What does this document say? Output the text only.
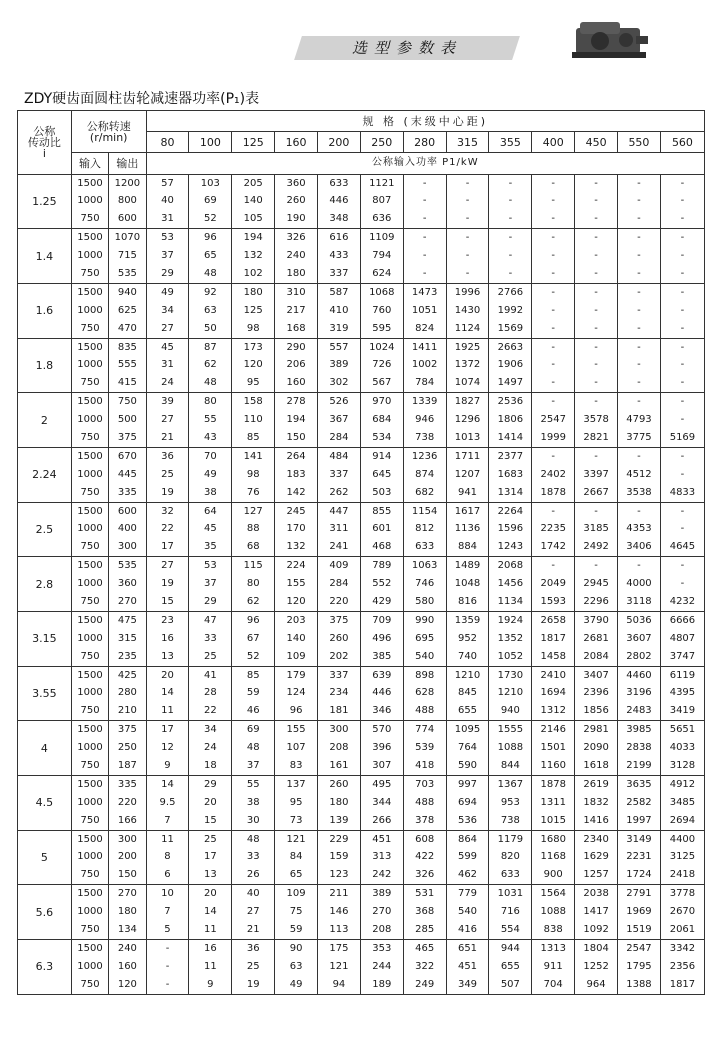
选型参数表
ZDY硬齿面圆柱齿轮减速器功率(P₁)表
公称
传动比
i	公称转速
(r/min)		规 格 (末级中心距)												
			80	100	125	160	200	250	280	315	355	400	450	550	560
	输入	输出	公称输入功率 P1/kW												
1.25	1500	1200	57	103	205	360	633	1121	-	-	-	-	-	-	-
	1000	800	40	69	140	260	446	807	-	-	-	-	-	-	-
	750	600	31	52	105	190	348	636	-	-	-	-	-	-	-
1.4	1500	1070	53	96	194	326	616	1109	-	-	-	-	-	-	-
	1000	715	37	65	132	240	433	794	-	-	-	-	-	-	-
	750	535	29	48	102	180	337	624	-	-	-	-	-	-	-
1.6	1500	940	49	92	180	310	587	1068	1473	1996	2766	-	-	-	-
	1000	625	34	63	125	217	410	760	1051	1430	1992	-	-	-	-
	750	470	27	50	98	168	319	595	824	1124	1569	-	-	-	-
1.8	1500	835	45	87	173	290	557	1024	1411	1925	2663	-	-	-	-
	1000	555	31	62	120	206	389	726	1002	1372	1906	-	-	-	-
	750	415	24	48	95	160	302	567	784	1074	1497	-	-	-	-
2	1500	750	39	80	158	278	526	970	1339	1827	2536	-	-	-	-
	1000	500	27	55	110	194	367	684	946	1296	1806	2547	3578	4793	-
	750	375	21	43	85	150	284	534	738	1013	1414	1999	2821	3775	5169
2.24	1500	670	36	70	141	264	484	914	1236	1711	2377	-	-	-	-
	1000	445	25	49	98	183	337	645	874	1207	1683	2402	3397	4512	-
	750	335	19	38	76	142	262	503	682	941	1314	1878	2667	3538	4833
2.5	1500	600	32	64	127	245	447	855	1154	1617	2264	-	-	-	-
	1000	400	22	45	88	170	311	601	812	1136	1596	2235	3185	4353	-
	750	300	17	35	68	132	241	468	633	884	1243	1742	2492	3406	4645
2.8	1500	535	27	53	115	224	409	789	1063	1489	2068	-	-	-	-
	1000	360	19	37	80	155	284	552	746	1048	1456	2049	2945	4000	-
	750	270	15	29	62	120	220	429	580	816	1134	1593	2296	3118	4232
3.15	1500	475	23	47	96	203	375	709	990	1359	1924	2658	3790	5036	6666
	1000	315	16	33	67	140	260	496	695	952	1352	1817	2681	3607	4807
	750	235	13	25	52	109	202	385	540	740	1052	1458	2084	2802	3747
3.55	1500	425	20	41	85	179	337	639	898	1210	1730	2410	3407	4460	6119
	1000	280	14	28	59	124	234	446	628	845	1210	1694	2396	3196	4395
	750	210	11	22	46	96	181	346	488	655	940	1312	1856	2483	3419
4	1500	375	17	34	69	155	300	570	774	1095	1555	2146	2981	3985	5651
	1000	250	12	24	48	107	208	396	539	764	1088	1501	2090	2838	4033
	750	187	9	18	37	83	161	307	418	590	844	1160	1618	2199	3128
4.5	1500	335	14	29	55	137	260	495	703	997	1367	1878	2619	3635	4912
	1000	220	9.5	20	38	95	180	344	488	694	953	1311	1832	2582	3485
	750	166	7	15	30	73	139	266	378	536	738	1015	1416	1997	2694
5	1500	300	11	25	48	121	229	451	608	864	1179	1680	2340	3149	4400
	1000	200	8	17	33	84	159	313	422	599	820	1168	1629	2231	3125
	750	150	6	13	26	65	123	242	326	462	633	900	1257	1724	2418
5.6	1500	270	10	20	40	109	211	389	531	779	1031	1564	2038	2791	3778
	1000	180	7	14	27	75	146	270	368	540	716	1088	1417	1969	2670
	750	134	5	11	21	59	113	208	285	416	554	838	1092	1519	2061
6.3	1500	240	-	16	36	90	175	353	465	651	944	1313	1804	2547	3342
	1000	160	-	11	25	63	121	244	322	451	655	911	1252	1795	2356
	750	120	-	9	19	49	94	189	249	349	507	704	964	1388	1817
